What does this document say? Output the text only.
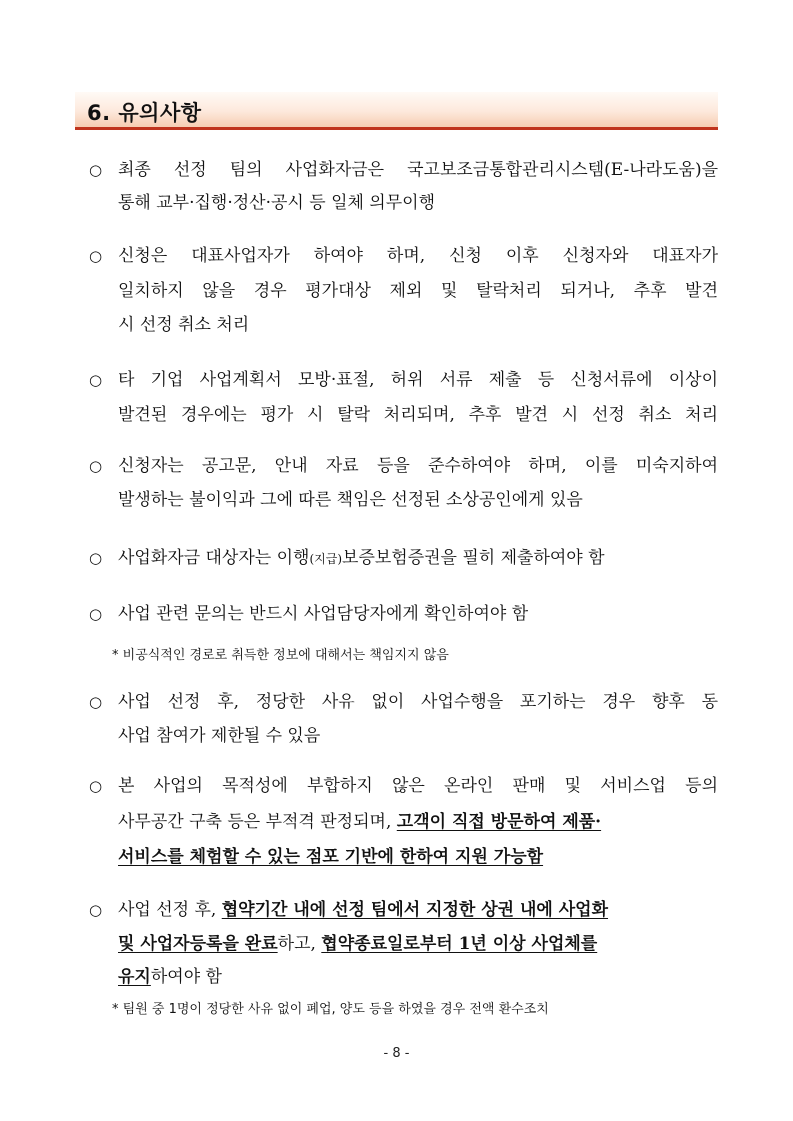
6. 유의사항
○ 최종 선정 팀의 사업화자금은 국고보조금통합관리시스템(E-나라도움)을
통해 교부·집행·정산·공시 등 일체 의무이행
○ 신청은 대표사업자가 하여야 하며, 신청 이후 신청자와 대표자가
일치하지 않을 경우 평가대상 제외 및 탈락처리 되거나, 추후 발견
시 선정 취소 처리
○ 타 기업 사업계획서 모방·표절, 허위 서류 제출 등 신청서류에 이상이
발견된 경우에는 평가 시 탈락 처리되며, 추후 발견 시 선정 취소 처리
○ 신청자는 공고문, 안내 자료 등을 준수하여야 하며, 이를 미숙지하여
발생하는 불이익과 그에 따른 책임은 선정된 소상공인에게 있음
○ 사업화자금 대상자는 이행(지급)보증보험증권을 필히 제출하여야 함
○ 사업 관련 문의는 반드시 사업담당자에게 확인하여야 함
* 비공식적인 경로로 취득한 정보에 대해서는 책임지지 않음
○ 사업 선정 후, 정당한 사유 없이 사업수행을 포기하는 경우 향후 동
사업 참여가 제한될 수 있음
○ 본 사업의 목적성에 부합하지 않은 온라인 판매 및 서비스업 등의
사무공간 구축 등은 부적격 판정되며, 고객이 직접 방문하여 제품·
서비스를 체험할 수 있는 점포 기반에 한하여 지원 가능함
○ 사업 선정 후, 협약기간 내에 선정 팀에서 지정한 상권 내에 사업화
및 사업자등록을 완료하고, 협약종료일로부터 1년 이상 사업체를
유지하여야 함
* 팀원 중 1명이 정당한 사유 없이 폐업, 양도 등을 하였을 경우 전액 환수조치
- 8 -
